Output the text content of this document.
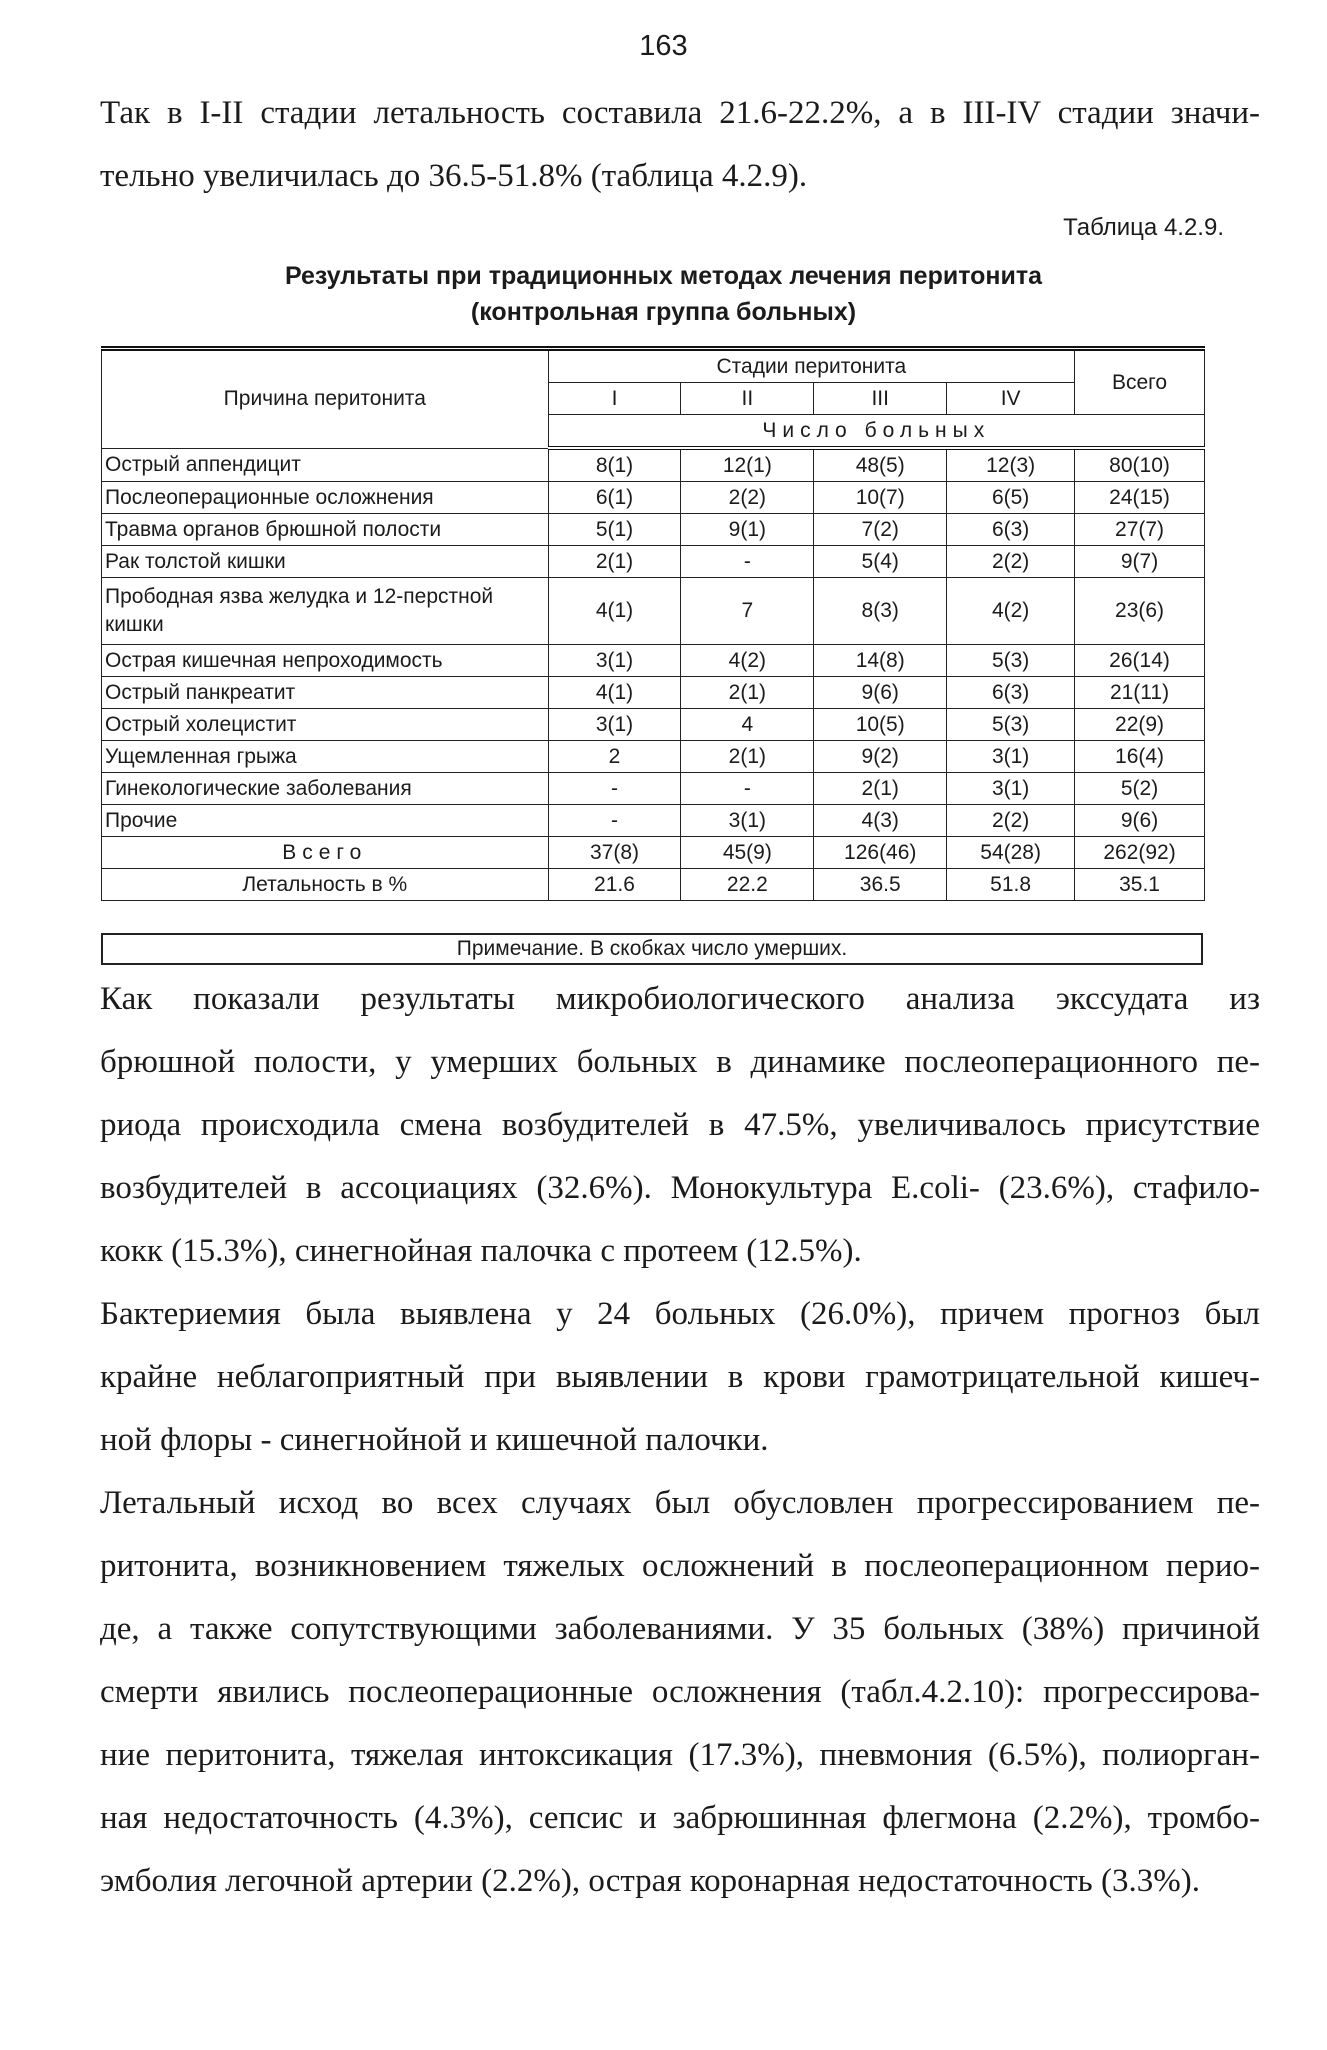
163
Так в I-II стадии летальность составила 21.6-22.2%, а в III-IV стадии значи-
тельно увеличилась до 36.5-51.8% (таблица 4.2.9).
Таблица 4.2.9.
Результаты при традиционных методах лечения перитонита
(контрольная группа больных)
Причина перитонита	Стадии перитонита				Всего
	I	II	III	IV	
	Число больных				
Острый аппендицит	8(1)	12(1)	48(5)	12(3)	80(10)
Послеоперационные осложнения	6(1)	2(2)	10(7)	6(5)	24(15)
Травма органов брюшной полости	5(1)	9(1)	7(2)	6(3)	27(7)
Рак толстой кишки	2(1)	-	5(4)	2(2)	9(7)
Прободная язва желудка и 12-перстной кишки	4(1)	7	8(3)	4(2)	23(6)
Острая кишечная непроходимость	3(1)	4(2)	14(8)	5(3)	26(14)
Острый панкреатит	4(1)	2(1)	9(6)	6(3)	21(11)
Острый холецистит	3(1)	4	10(5)	5(3)	22(9)
Ущемленная грыжа	2	2(1)	9(2)	3(1)	16(4)
Гинекологические заболевания	-	-	2(1)	3(1)	5(2)
Прочие	-	3(1)	4(3)	2(2)	9(6)
Всего	37(8)	45(9)	126(46)	54(28)	262(92)
Летальность в %	21.6	22.2	36.5	51.8	35.1
Примечание. В скобках число умерших.
Как показали результаты микробиологического анализа экссудата из
брюшной полости, у умерших больных в динамике послеоперационного пе-
риода происходила смена возбудителей в 47.5%, увеличивалось присутствие
возбудителей в ассоциациях (32.6%). Монокультура E.coli- (23.6%), стафило-
кокк (15.3%), синегнойная палочка с протеем (12.5%).
Бактериемия была выявлена у 24 больных (26.0%), причем прогноз был
крайне неблагоприятный при выявлении в крови грамотрицательной кишеч-
ной флоры - синегнойной и кишечной палочки.
Летальный исход во всех случаях был обусловлен прогрессированием пе-
ритонита, возникновением тяжелых осложнений в послеоперационном перио-
де, а также сопутствующими заболеваниями. У 35 больных (38%) причиной
смерти явились послеоперационные осложнения (табл.4.2.10): прогрессирова-
ние перитонита, тяжелая интоксикация (17.3%), пневмония (6.5%), полиорган-
ная недостаточность (4.3%), сепсис и забрюшинная флегмона (2.2%), тромбо-
эмболия легочной артерии (2.2%), острая коронарная недостаточность (3.3%).
